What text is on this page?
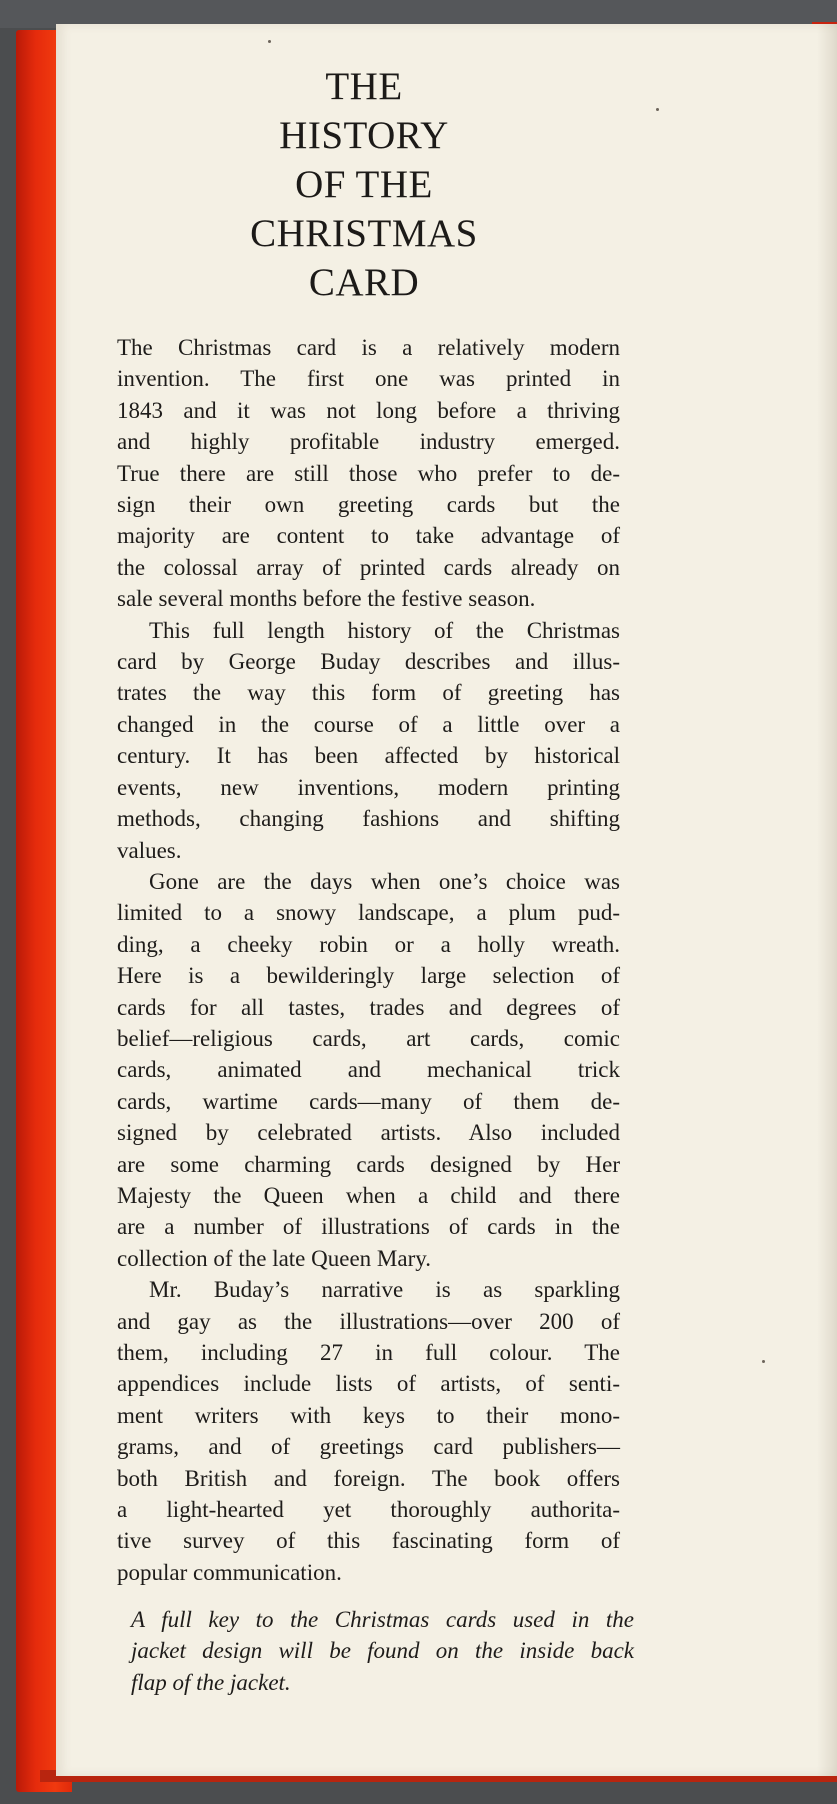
THE
HISTORY
OF THE
CHRISTMAS
CARD
The Christmas card is a relatively modern
invention. The first one was printed in
1843 and it was not long before a thriving
and highly profitable industry emerged.
True there are still those who prefer to de-
sign their own greeting cards but the
majority are content to take advantage of
the colossal array of printed cards already on
sale several months before the festive season.
This full length history of the Christmas
card by George Buday describes and illus-
trates the way this form of greeting has
changed in the course of a little over a
century. It has been affected by historical
events, new inventions, modern printing
methods, changing fashions and shifting
values.
Gone are the days when one’s choice was
limited to a snowy landscape, a plum pud-
ding, a cheeky robin or a holly wreath.
Here is a bewilderingly large selection of
cards for all tastes, trades and degrees of
belief—religious cards, art cards, comic
cards, animated and mechanical trick
cards, wartime cards—many of them de-
signed by celebrated artists. Also included
are some charming cards designed by Her
Majesty the Queen when a child and there
are a number of illustrations of cards in the
collection of the late Queen Mary.
Mr. Buday’s narrative is as sparkling
and gay as the illustrations—over 200 of
them, including 27 in full colour. The
appendices include lists of artists, of senti-
ment writers with keys to their mono-
grams, and of greetings card publishers—
both British and foreign. The book offers
a light-hearted yet thoroughly authorita-
tive survey of this fascinating form of
popular communication.
A full key to the Christmas cards used in the
jacket design will be found on the inside back
flap of the jacket.
